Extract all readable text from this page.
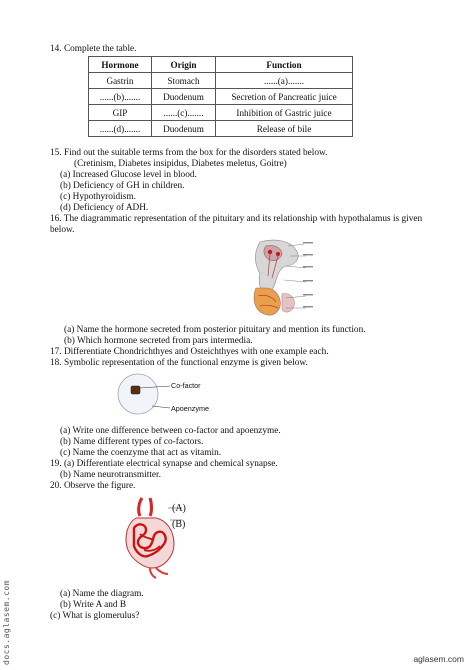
14. Complete the table.
Hormone	Origin	Function
Gastrin	Stomach	......(a).......
......(b).......	Duodenum	Secretion of Pancreatic juice
GIP	......(c).......	Inhibition of Gastric juice
......(d).......	Duodenum	Release of bile
15. Find out the suitable terms from the box for the disorders stated below.
(Cretinism, Diabetes insipidus, Diabetes meletus, Goitre)
(a) Increased Glucose level in blood.
(b) Deficiency of GH in children.
(c) Hypothyroidism.
(d) Deficiency of ADH.
16. The diagrammatic representation of the pituitary and its relationship with hypothalamus is given
below.
(a) Name the hormone secreted from posterior pituitary and mention its function.
(b) Which hormone secreted from pars intermedia.
17. Differentiate Chondrichthyes and Osteichthyes with one example each.
18. Symbolic representation of the functional enzyme is given below.
Co-factor
Apoenzyme
(a) Write one difference between co-factor and apoenzyme.
(b) Name different types of co-factors.
(c) Name the coenzyme that act as vitamin.
19. (a) Differentiate electrical synapse and chemical synapse.
(b) Name neurotransmitter.
20. Observe the figure.
(A)
(B)
(a) Name the diagram.
(b) Write A and B
(c) What is glomerulus?
docs.aglasem.com	aglasem.com
